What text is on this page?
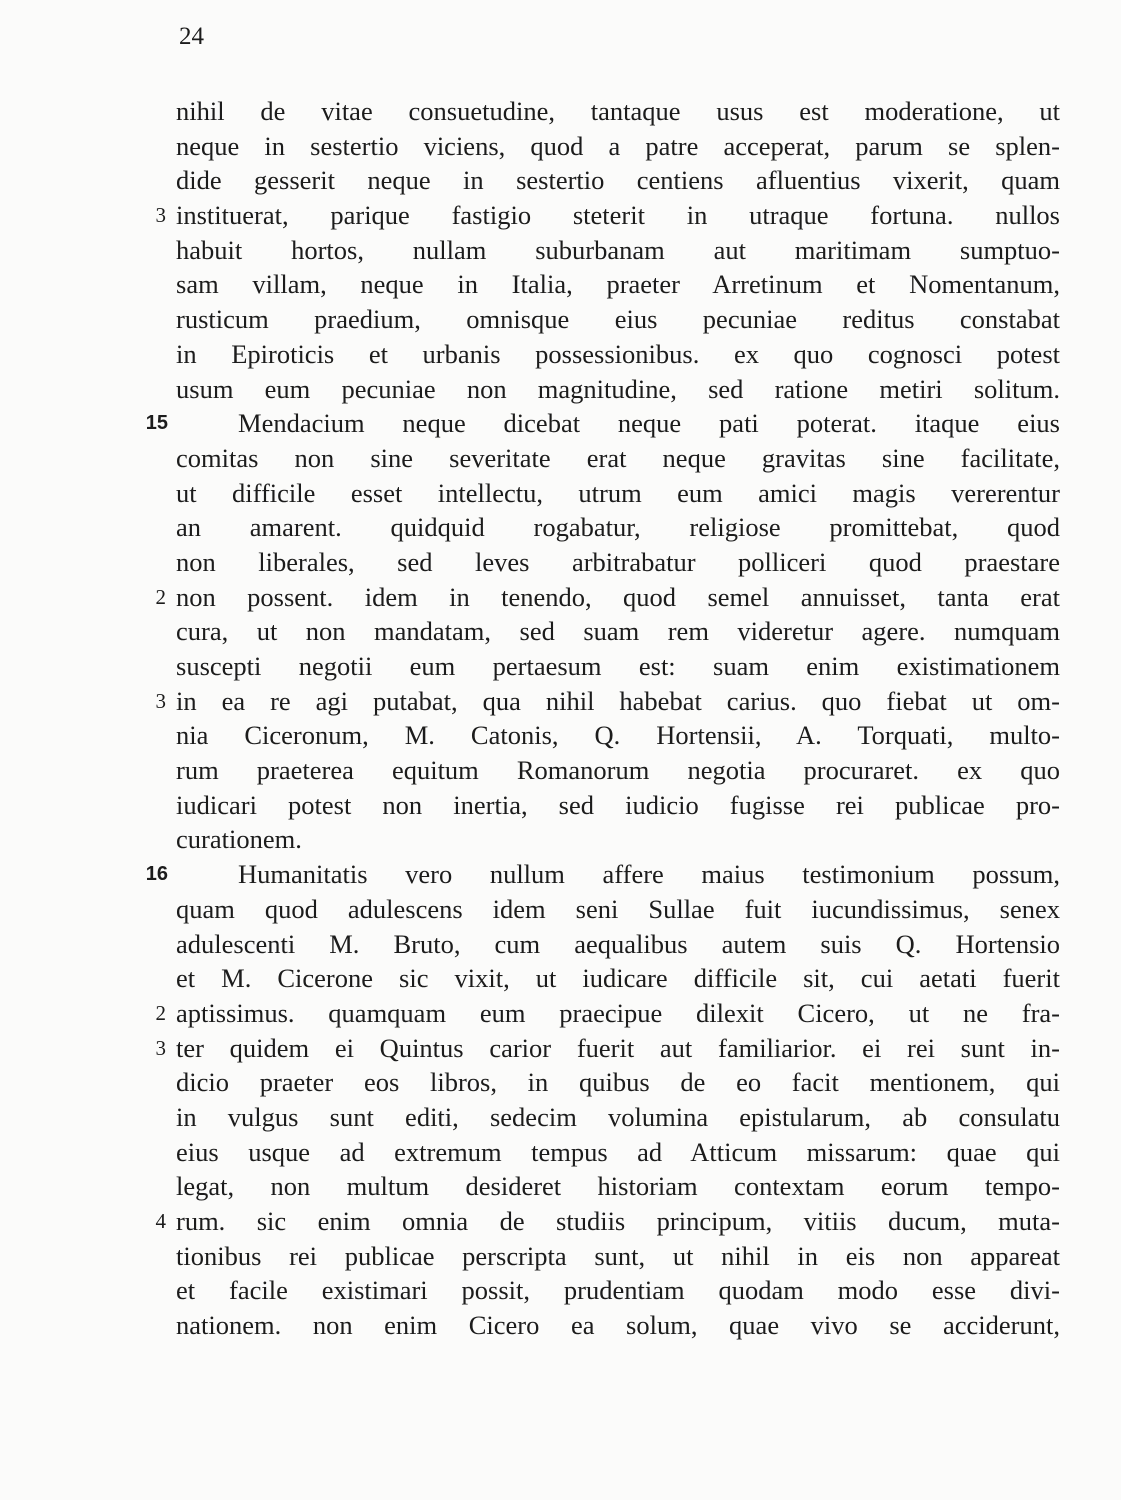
24
nihil de vitae consuetudine, tantaque usus est moderatione, ut
neque in sestertio viciens, quod a patre acceperat, parum se splen-
dide gesserit neque in sestertio centiens afluentius vixerit, quam
3 instituerat, parique fastigio steterit in utraque fortuna. nullos
habuit hortos, nullam suburbanam aut maritimam sumptuo-
sam villam, neque in Italia, praeter Arretinum et Nomentanum,
rusticum praedium, omnisque eius pecuniae reditus constabat
in Epiroticis et urbanis possessionibus. ex quo cognosci potest
usum eum pecuniae non magnitudine, sed ratione metiri solitum.
15	Mendacium neque dicebat neque pati poterat. itaque eius
comitas non sine severitate erat neque gravitas sine facilitate,
ut difficile esset intellectu, utrum eum amici magis vererentur
an amarent. quidquid rogabatur, religiose promittebat, quod
non liberales, sed leves arbitrabatur polliceri quod praestare
2 non possent. idem in tenendo, quod semel annuisset, tanta erat
cura, ut non mandatam, sed suam rem videretur agere. numquam
suscepti negotii eum pertaesum est: suam enim existimationem
3 in ea re agi putabat, qua nihil habebat carius. quo fiebat ut om-
nia Ciceronum, M. Catonis, Q. Hortensii, A. Torquati, multo-
rum praeterea equitum Romanorum negotia procuraret. ex quo
iudicari potest non inertia, sed iudicio fugisse rei publicae pro-
curationem.
16	Humanitatis vero nullum affere maius testimonium possum,
quam quod adulescens idem seni Sullae fuit iucundissimus, senex
adulescenti M. Bruto, cum aequalibus autem suis Q. Hortensio
et M. Cicerone sic vixit, ut iudicare difficile sit, cui aetati fuerit
2 aptissimus. quamquam eum praecipue dilexit Cicero, ut ne fra-
3 ter quidem ei Quintus carior fuerit aut familiarior. ei rei sunt in-
dicio praeter eos libros, in quibus de eo facit mentionem, qui
in vulgus sunt editi, sedecim volumina epistularum, ab consulatu
eius usque ad extremum tempus ad Atticum missarum: quae qui
legat, non multum desideret historiam contextam eorum tempo-
4 rum. sic enim omnia de studiis principum, vitiis ducum, muta-
tionibus rei publicae perscripta sunt, ut nihil in eis non appareat
et facile existimari possit, prudentiam quodam modo esse divi-
nationem. non enim Cicero ea solum, quae vivo se acciderunt,
